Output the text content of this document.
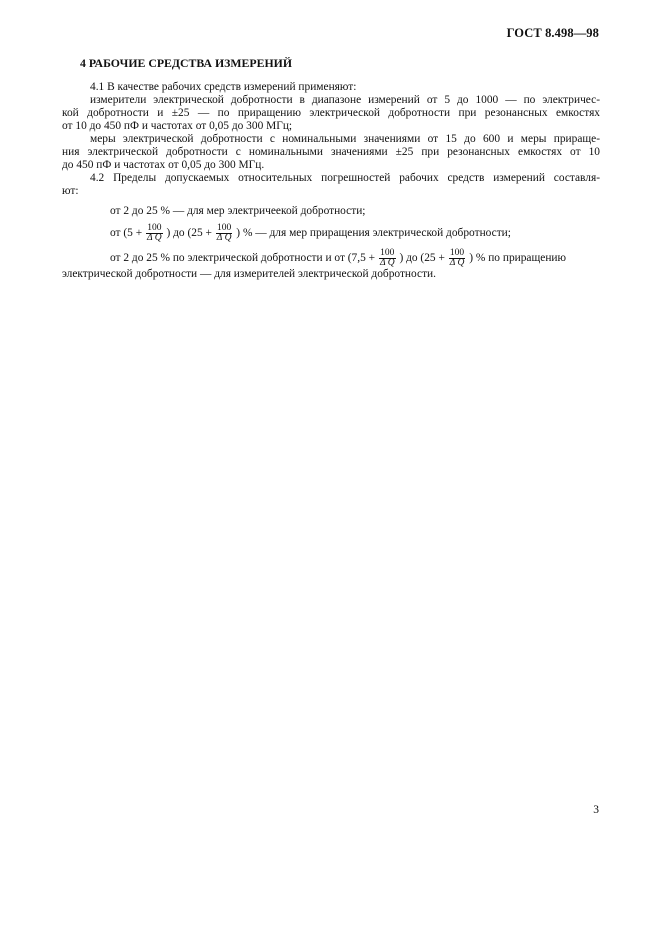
ГОСТ 8.498—98
4 РАБОЧИЕ СРЕДСТВА ИЗМЕРЕНИЙ

4.1 В качестве рабочих средств измерений применяют:

измерители электрической добротности в диапазоне измерений от 5 до 1000 — по электричес-

кой добротности и ±25 — по приращению электрической добротности при резонансных емкостях

от 10 до 450 пФ и частотах от 0,05 до 300 МГц;

меры электрической добротности с номинальными значениями от 15 до 600 и меры прираще-

ния электрической добротности с номинальными значениями ±25 при резонансных емкостях от 10

до 450 пФ и частотах от 0,05 до 300 МГц.

4.2 Пределы допускаемых относительных погрешностей рабочих средств измерений составля-

ют:

от 2 до 25 % — для мер электричеекой добротности;

от ($5 + \frac{100}{\text{Δ Q}}$ ) до ($25 + \frac{100}{\text{Δ Q}}$ ) % — для мер приращения электрической добротности;

от 2 до 25 % по электрической добротности и от ($7,5 + \frac{100}{\text{Δ Q}}$ ) до ($25 + \frac{100}{\text{Δ Q}}$ ) % по приращению

электрической добротности — для измерителей электрической добротности.

3
